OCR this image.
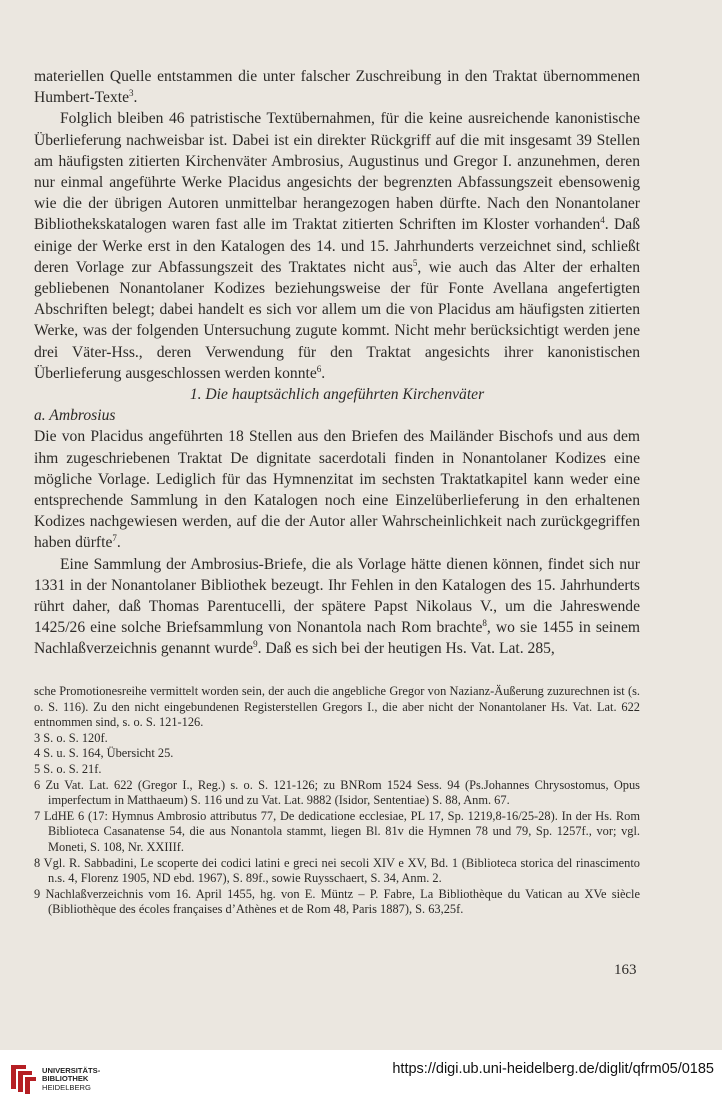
materiellen Quelle entstammen die unter falscher Zuschreibung in den Traktat übernommenen Humbert-Texte$^3$.

Folglich bleiben 46 patristische Textübernahmen, für die keine ausreichende kanonistische Überlieferung nachweisbar ist. Dabei ist ein direkter Rückgriff auf die mit insgesamt 39 Stellen am häufigsten zitierten Kirchenväter Ambrosius, Augustinus und Gregor I. anzunehmen, deren nur einmal angeführte Werke Placidus angesichts der begrenzten Abfassungszeit ebensowenig wie die der übrigen Autoren unmittelbar herangezogen haben dürfte. Nach den Nonantolaner Bibliothekskatalogen waren fast alle im Traktat zitierten Schriften im Kloster vorhanden$^4$. Daß einige der Werke erst in den Katalogen des 14. und 15. Jahrhunderts verzeichnet sind, schließt deren Vorlage zur Abfassungszeit des Traktates nicht aus$^5$, wie auch das Alter der erhalten gebliebenen Nonantolaner Kodizes beziehungsweise der für Fonte Avellana angefertigten Abschriften belegt; dabei handelt es sich vor allem um die von Placidus am häufigsten zitierten Werke, was der folgenden Untersuchung zugute kommt. Nicht mehr berücksichtigt werden jene drei Väter-Hss., deren Verwendung für den Traktat angesichts ihrer kanonistischen Überlieferung ausgeschlossen werden konnte$^6$.

1. Die hauptsächlich angeführten Kirchenväter

a. Ambrosius

Die von Placidus angeführten 18 Stellen aus den Briefen des Mailänder Bischofs und aus dem ihm zugeschriebenen Traktat De dignitate sacerdotali finden in Nonantolaner Kodizes eine mögliche Vorlage. Lediglich für das Hymnenzitat im sechsten Traktatkapitel kann weder eine entsprechende Sammlung in den Katalogen noch eine Einzelüberlieferung in den erhaltenen Kodizes nachgewiesen werden, auf die der Autor aller Wahrscheinlichkeit nach zurückgegriffen haben dürfte$^7$.

Eine Sammlung der Ambrosius-Briefe, die als Vorlage hätte dienen können, findet sich nur 1331 in der Nonantolaner Bibliothek bezeugt. Ihr Fehlen in den Katalogen des 15. Jahrhunderts rührt daher, daß Thomas Parentucelli, der spätere Papst Nikolaus V., um die Jahreswende 1425/26 eine solche Briefsammlung von Nonantola nach Rom brachte$^8$, wo sie 1455 in seinem Nachlaßverzeichnis genannt wurde$^9$. Daß es sich bei der heutigen Hs. Vat. Lat. 285,

sche Promotionesreihe vermittelt worden sein, der auch die angebliche Gregor von Nazianz-Äußerung zuzurechnen ist (s. o. S. 116). Zu den nicht eingebundenen Registerstellen Gregors I., die aber nicht der Nonantolaner Hs. Vat. Lat. 622 entnommen sind, s. o. S. 121-126.

3 S. o. S. 120f.

4 S. u. S. 164, Übersicht 25.

5 S. o. S. 21f.

6 Zu Vat. Lat. 622 (Gregor I., Reg.) s. o. S. 121-126; zu BNRom 1524 Sess. 94 (Ps.Johannes Chrysostomus, Opus imperfectum in Matthaeum) S. 116 und zu Vat. Lat. 9882 (Isidor, Sententiae) S. 88, Anm. 67.

7 LdHE 6 (17: Hymnus Ambrosio attributus 77, De dedicatione ecclesiae, PL 17, Sp. 1219,8-16/25-28). In der Hs. Rom Biblioteca Casanatense 54, die aus Nonantola stammt, liegen Bl. 81v die Hymnen 78 und 79, Sp. 1257f., vor; vgl. Moneti, S. 108, Nr. XXIIIf.

8 Vgl. R. Sabbadini, Le scoperte dei codici latini e greci nei secoli XIV e XV, Bd. 1 (Biblioteca storica del rinascimento n.s. 4, Florenz 1905, ND ebd. 1967), S. 89f., sowie Ruysschaert, S. 34, Anm. 2.

9 Nachlaßverzeichnis vom 16. April 1455, hg. von E. Müntz – P. Fabre, La Bibliothèque du Vatican au XVe siècle (Bibliothèque des écoles françaises d’Athènes et de Rom 48, Paris 1887), S. 63,25f.

163
UNIVERSITÄTS-
BIBLIOTHEK
HEIDELBERG
https://digi.ub.uni-heidelberg.de/diglit/qfrm05/0185
